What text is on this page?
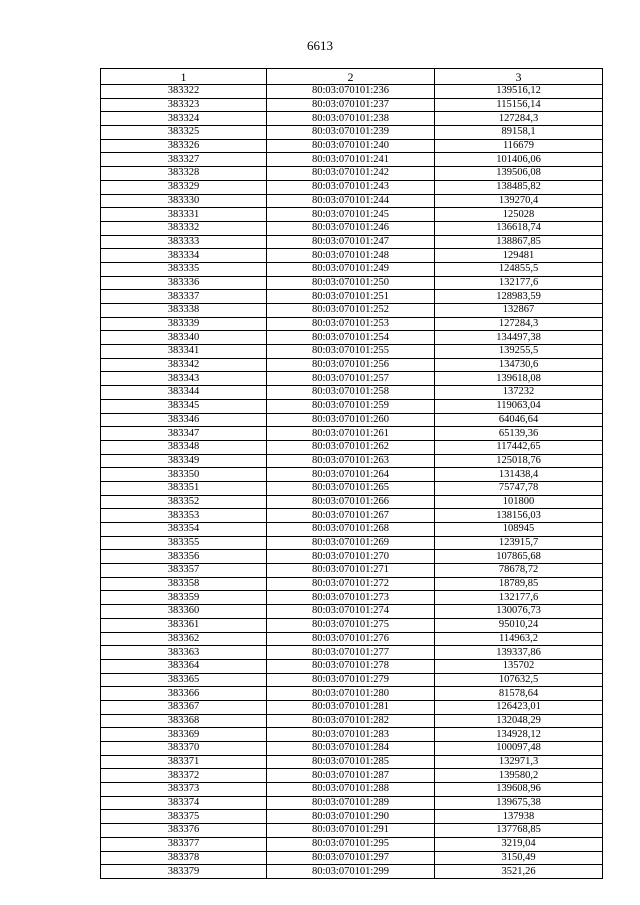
6613
1	2	3
383322	80:03:070101:236	139516,12
383323	80:03:070101:237	115156,14
383324	80:03:070101:238	127284,3
383325	80:03:070101:239	89158,1
383326	80:03:070101:240	116679
383327	80:03:070101:241	101406,06
383328	80:03:070101:242	139506,08
383329	80:03:070101:243	138485,82
383330	80:03:070101:244	139270,4
383331	80:03:070101:245	125028
383332	80:03:070101:246	136618,74
383333	80:03:070101:247	138867,85
383334	80:03:070101:248	129481
383335	80:03:070101:249	124855,5
383336	80:03:070101:250	132177,6
383337	80:03:070101:251	128983,59
383338	80:03:070101:252	132867
383339	80:03:070101:253	127284,3
383340	80:03:070101:254	134497,38
383341	80:03:070101:255	139255,5
383342	80:03:070101:256	134730,6
383343	80:03:070101:257	139618,08
383344	80:03:070101:258	137232
383345	80:03:070101:259	119063,04
383346	80:03:070101:260	64046,64
383347	80:03:070101:261	65139,36
383348	80:03:070101:262	117442,65
383349	80:03:070101:263	125018,76
383350	80:03:070101:264	131438,4
383351	80:03:070101:265	75747,78
383352	80:03:070101:266	101800
383353	80:03:070101:267	138156,03
383354	80:03:070101:268	108945
383355	80:03:070101:269	123915,7
383356	80:03:070101:270	107865,68
383357	80:03:070101:271	78678,72
383358	80:03:070101:272	18789,85
383359	80:03:070101:273	132177,6
383360	80:03:070101:274	130076,73
383361	80:03:070101:275	95010,24
383362	80:03:070101:276	114963,2
383363	80:03:070101:277	139337,86
383364	80:03:070101:278	135702
383365	80:03:070101:279	107632,5
383366	80:03:070101:280	81578,64
383367	80:03:070101:281	126423,01
383368	80:03:070101:282	132048,29
383369	80:03:070101:283	134928,12
383370	80:03:070101:284	100097,48
383371	80:03:070101:285	132971,3
383372	80:03:070101:287	139580,2
383373	80:03:070101:288	139608,96
383374	80:03:070101:289	139675,38
383375	80:03:070101:290	137938
383376	80:03:070101:291	137768,85
383377	80:03:070101:295	3219,04
383378	80:03:070101:297	3150,49
383379	80:03:070101:299	3521,26
